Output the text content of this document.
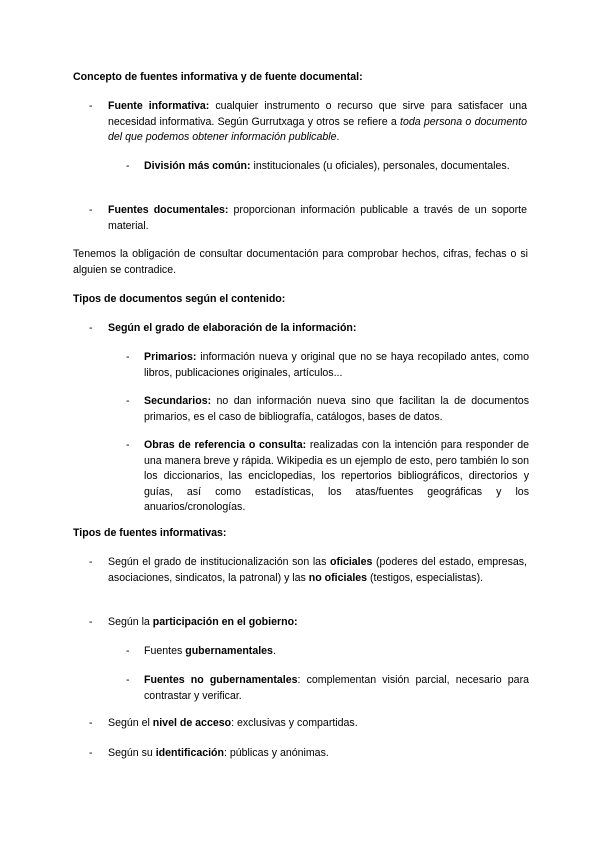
Concepto de fuentes informativa y de fuente documental:
- Fuente informativa: cualquier instrumento o recurso que sirve para satisfacer una necesidad informativa. Según Gurrutxaga y otros se refiere a toda persona o documento del que podemos obtener información publicable.
- División más común: institucionales (u oficiales), personales, documentales.
- Fuentes documentales: proporcionan información publicable a través de un soporte material.
Tenemos la obligación de consultar documentación para comprobar hechos, cifras, fechas o si alguien se contradice.
Tipos de documentos según el contenido:
- Según el grado de elaboración de la información:
- Primarios: información nueva y original que no se haya recopilado antes, como libros, publicaciones originales, artículos...
- Secundarios: no dan información nueva sino que facilitan la de documentos primarios, es el caso de bibliografía, catálogos, bases de datos.
- Obras de referencia o consulta: realizadas con la intención para responder de una manera breve y rápida. Wikipedia es un ejemplo de esto, pero también lo son los diccionarios, las enciclopedias, los repertorios bibliográficos, directorios y guías, así como estadísticas, los atas/fuentes geográficas y los anuarios/cronologías.
Tipos de fuentes informativas:
- Según el grado de institucionalización son las oficiales (poderes del estado, empresas, asociaciones, sindicatos, la patronal) y las no oficiales (testigos, especialistas).
- Según la participación en el gobierno:
- Fuentes gubernamentales.
- Fuentes no gubernamentales: complementan visión parcial, necesario para contrastar y verificar.
- Según el nivel de acceso: exclusivas y compartidas.
- Según su identificación: públicas y anónimas.
